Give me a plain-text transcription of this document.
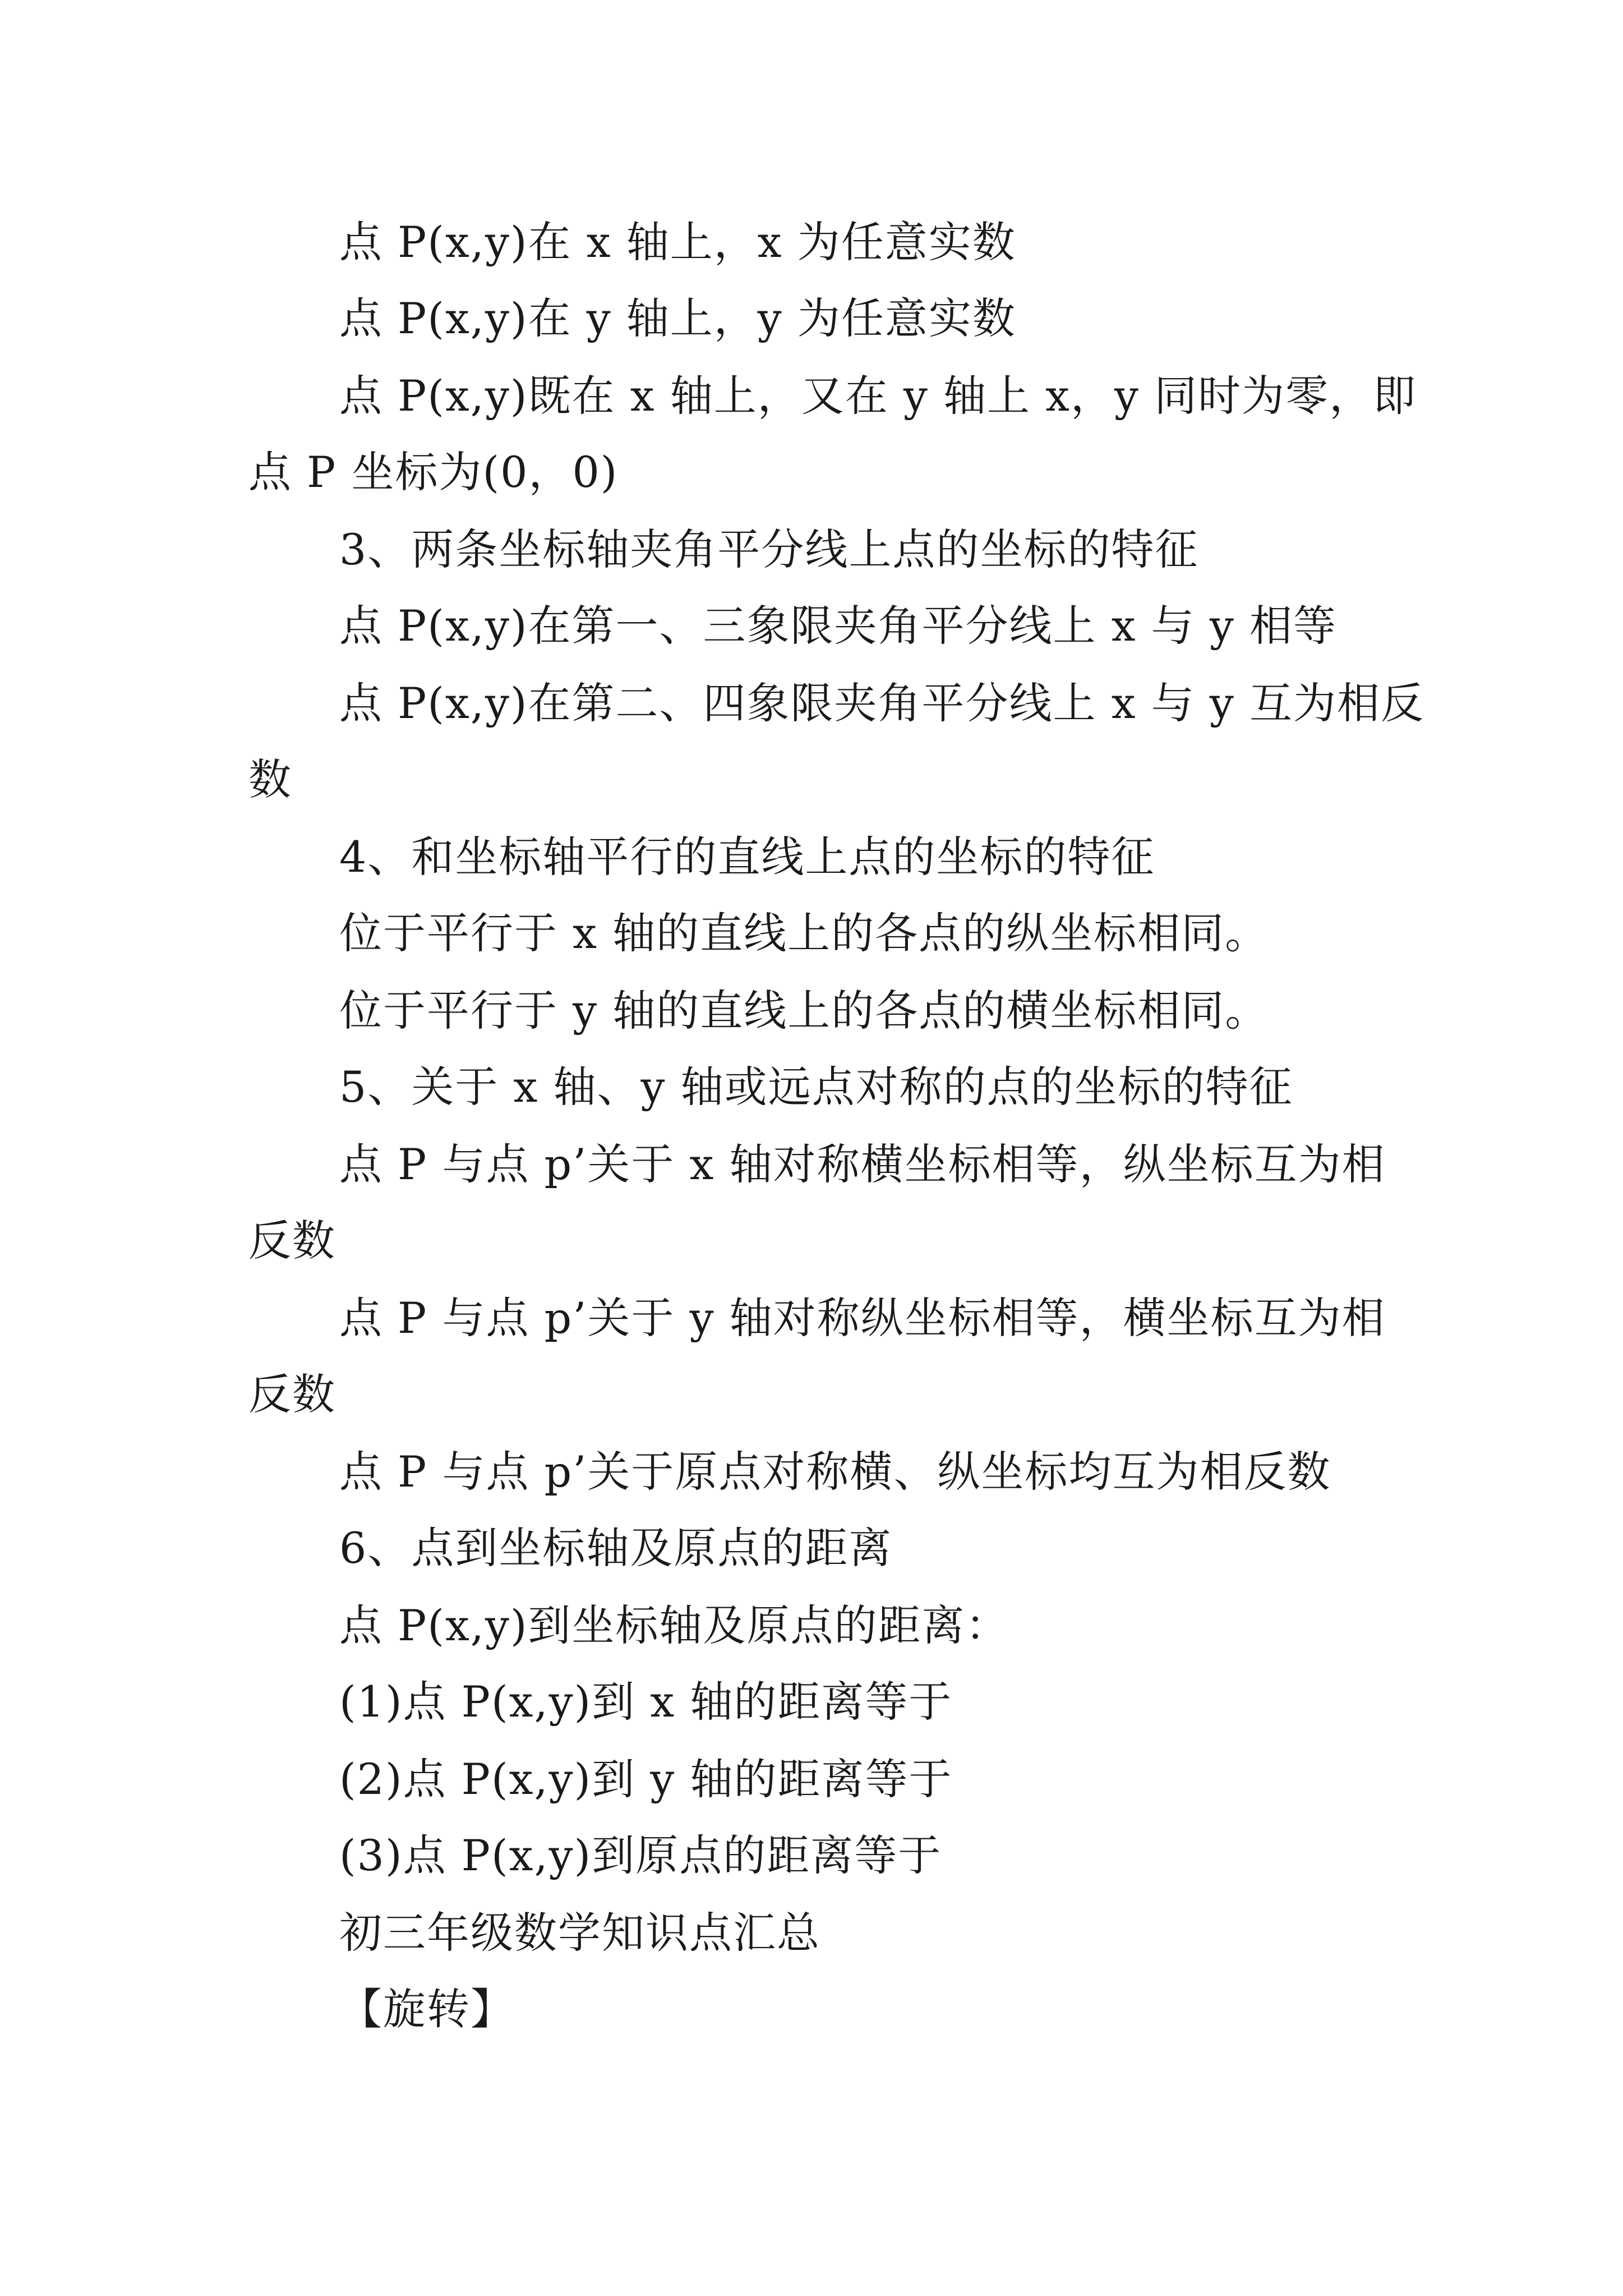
点 P(x,y)在 x 轴上，x 为任意实数
点 P(x,y)在 y 轴上，y 为任意实数
点 P(x,y)既在 x 轴上，又在 y 轴上 x，y 同时为零，即
点 P 坐标为(0，0)
3、两条坐标轴夹角平分线上点的坐标的特征
点 P(x,y)在第一、三象限夹角平分线上 x 与 y 相等
点 P(x,y)在第二、四象限夹角平分线上 x 与 y 互为相反
数
4、和坐标轴平行的直线上点的坐标的特征
位于平行于 x 轴的直线上的各点的纵坐标相同。
位于平行于 y 轴的直线上的各点的横坐标相同。
5、关于 x 轴、y 轴或远点对称的点的坐标的特征
点 P 与点 p’关于 x 轴对称横坐标相等，纵坐标互为相
反数
点 P 与点 p’关于 y 轴对称纵坐标相等，横坐标互为相
反数
点 P 与点 p’关于原点对称横、纵坐标均互为相反数
6、点到坐标轴及原点的距离
点 P(x,y)到坐标轴及原点的距离：
(1)点 P(x,y)到 x 轴的距离等于
(2)点 P(x,y)到 y 轴的距离等于
(3)点 P(x,y)到原点的距离等于
初三年级数学知识点汇总
【旋转】
